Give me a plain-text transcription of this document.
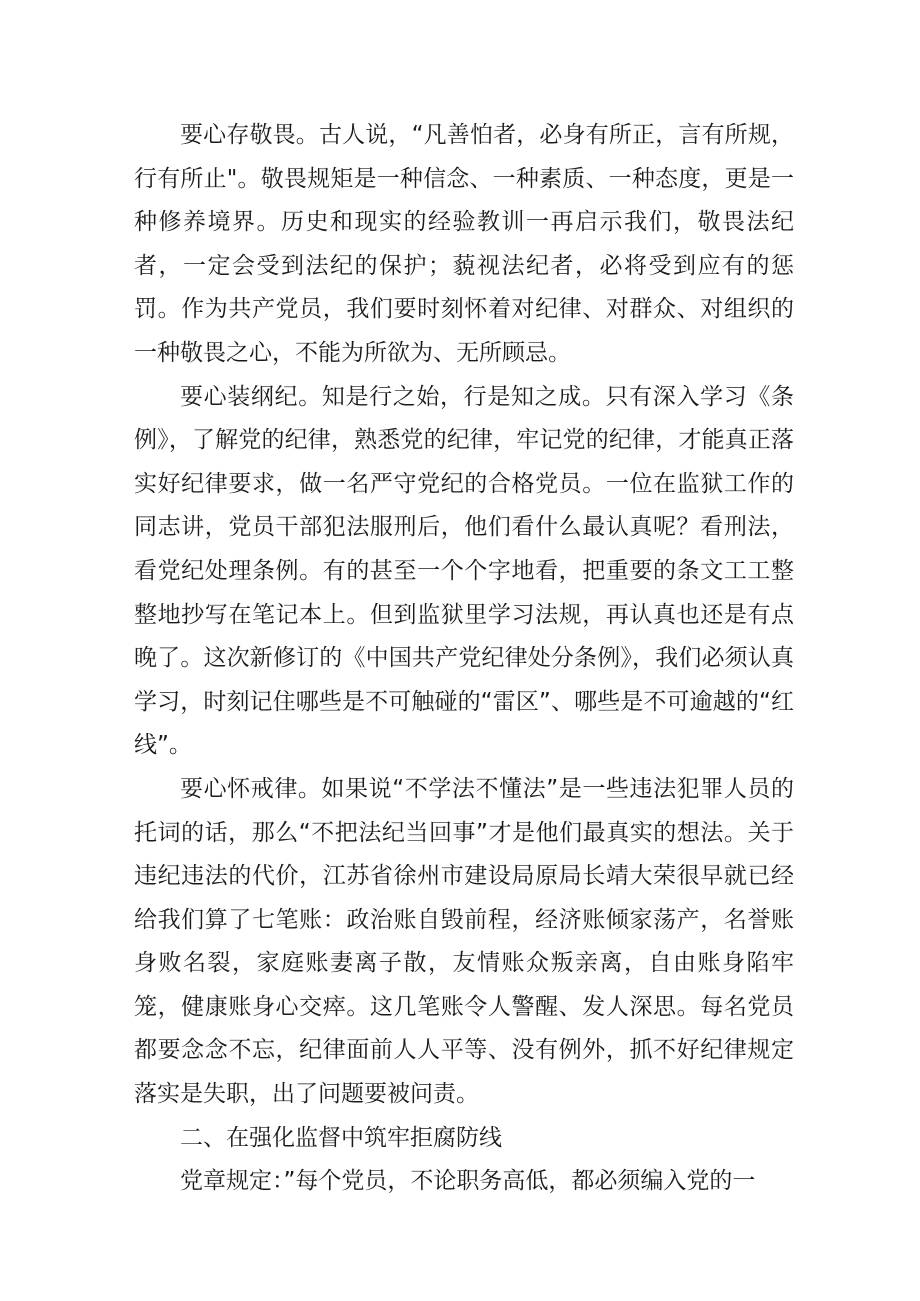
要心存敬畏。古人说，“凡善怕者，必身有所正，言有所规，行有所止"。敬畏规矩是一种信念、一种素质、一种态度，更是一种修养境界。历史和现实的经验教训一再启示我们，敬畏法纪者，一定会受到法纪的保护；藐视法纪者，必将受到应有的惩罚。作为共产党员，我们要时刻怀着对纪律、对群众、对组织的一种敬畏之心，不能为所欲为、无所顾忌。

要心装纲纪。知是行之始，行是知之成。只有深入学习《条例》，了解党的纪律，熟悉党的纪律，牢记党的纪律，才能真正落实好纪律要求，做一名严守党纪的合格党员。一位在监狱工作的同志讲，党员干部犯法服刑后，他们看什么最认真呢？看刑法，看党纪处理条例。有的甚至一个个字地看，把重要的条文工工整整地抄写在笔记本上。但到监狱里学习法规，再认真也还是有点晚了。这次新修订的《中国共产党纪律处分条例》，我们必须认真学习，时刻记住哪些是不可触碰的“雷区”、哪些是不可逾越的“红线”。

要心怀戒律。如果说“不学法不懂法”是一些违法犯罪人员的托词的话，那么“不把法纪当回事”才是他们最真实的想法。关于违纪违法的代价，江苏省徐州市建设局原局长靖大荣很早就已经给我们算了七笔账：政治账自毁前程，经济账倾家荡产，名誉账身败名裂，家庭账妻离子散，友情账众叛亲离，自由账身陷牢笼，健康账身心交瘁。这几笔账令人警醒、发人深思。每名党员都要念念不忘，纪律面前人人平等、没有例外，抓不好纪律规定落实是失职，出了问题要被问责。

二、在强化监督中筑牢拒腐防线

党章规定：”每个党员，不论职务高低，都必须编入党的一
